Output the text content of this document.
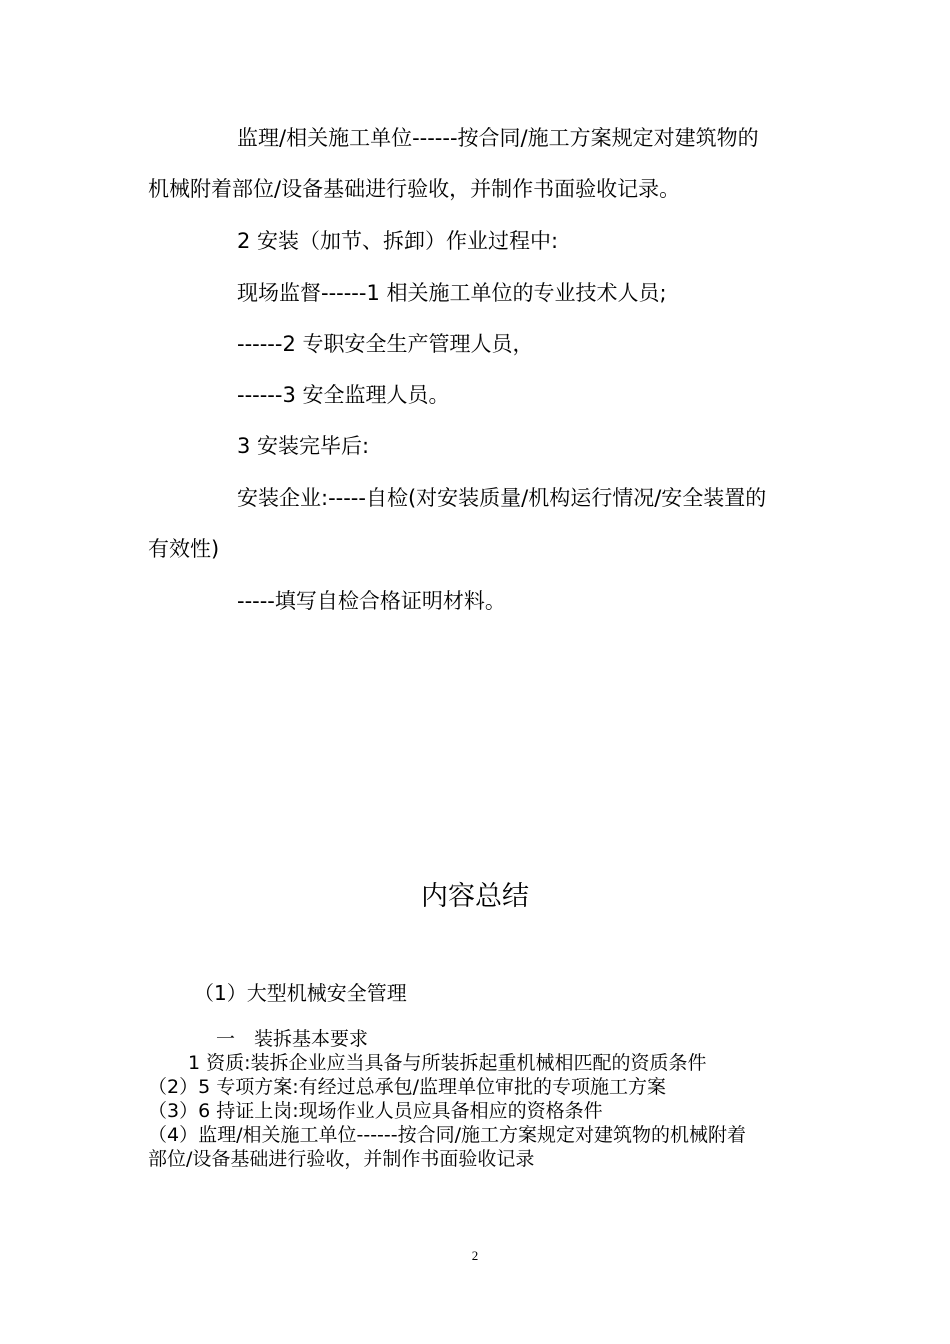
监理/相关施工单位------按合同/施工方案规定对建筑物的
机械附着部位/设备基础进行验收，并制作书面验收记录。
2 安装（加节、拆卸）作业过程中:
现场监督------1 相关施工单位的专业技术人员;
------2 专职安全生产管理人员，
------3 安全监理人员。
3 安装完毕后:
安装企业:-----自检(对安装质量/机构运行情况/安全装置的
有效性)
-----填写自检合格证明材料。
内容总结
（1）大型机械安全管理
一　装拆基本要求
1 资质:装拆企业应当具备与所装拆起重机械相匹配的资质条件
（2）5 专项方案:有经过总承包/监理单位审批的专项施工方案
（3）6 持证上岗:现场作业人员应具备相应的资格条件
（4）监理/相关施工单位------按合同/施工方案规定对建筑物的机械附着
部位/设备基础进行验收，并制作书面验收记录
2
